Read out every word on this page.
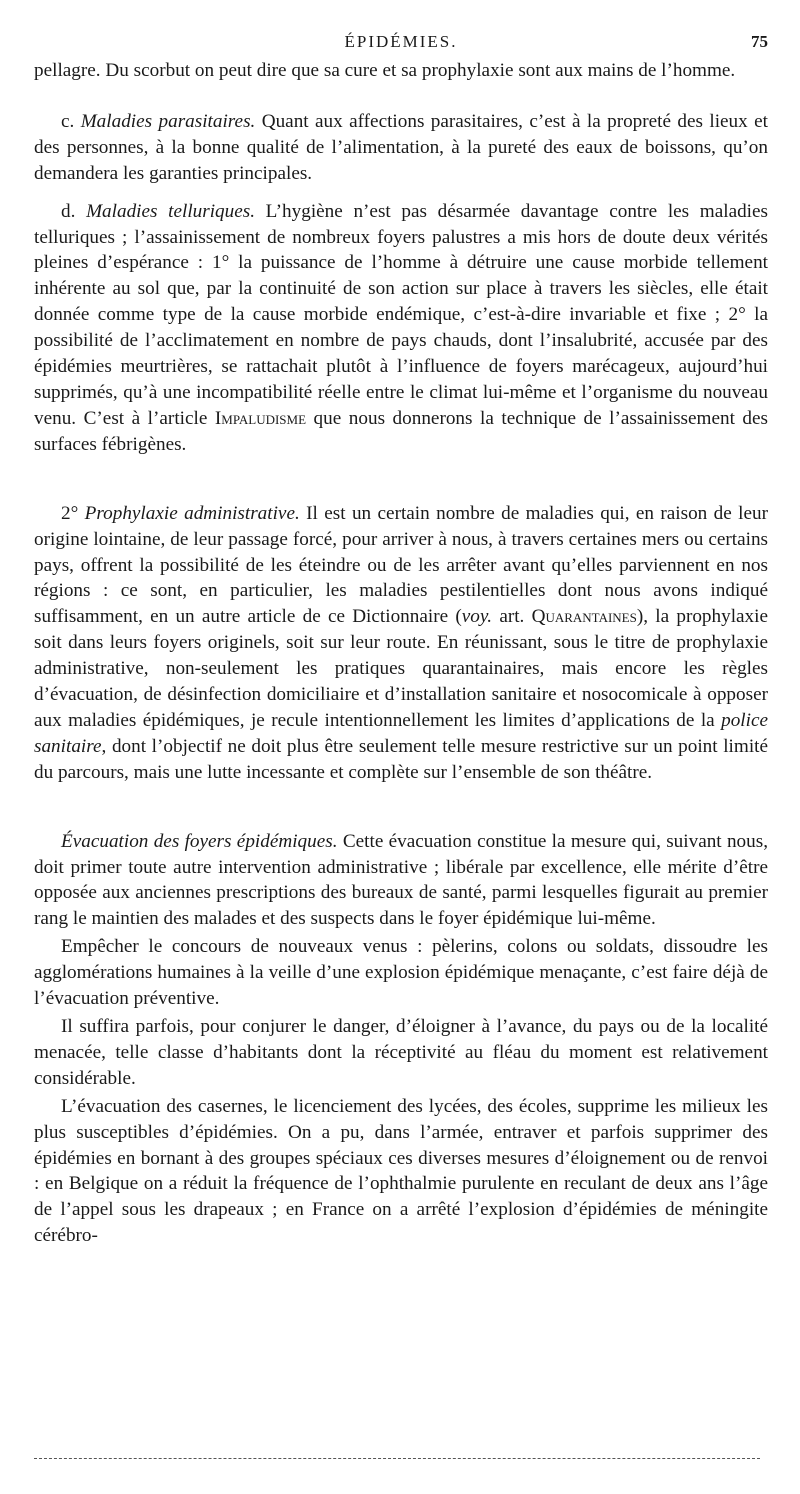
ÉPIDÉMIES.	75

pellagre. Du scorbut on peut dire que sa cure et sa prophylaxie sont aux mains de l’homme.

c. Maladies parasitaires. Quant aux affections parasitaires, c’est à la propreté des lieux et des personnes, à la bonne qualité de l’alimentation, à la pureté des eaux de boissons, qu’on demandera les garanties principales.

d. Maladies telluriques. L’hygiène n’est pas désarmée davantage contre les maladies telluriques ; l’assainissement de nombreux foyers palustres a mis hors de doute deux vérités pleines d’espérance : 1° la puissance de l’homme à détruire une cause morbide tellement inhérente au sol que, par la continuité de son action sur place à travers les siècles, elle était donnée comme type de la cause morbide endémique, c’est-à-dire invariable et fixe ; 2° la possibilité de l’acclimatement en nombre de pays chauds, dont l’insalubrité, accusée par des épidémies meurtrières, se rattachait plutôt à l’influence de foyers marécageux, aujourd’hui supprimés, qu’à une incompatibilité réelle entre le climat lui-même et l’organisme du nouveau venu. C’est à l’article Impaludisme que nous donnerons la technique de l’assainissement des surfaces fébrigènes.

2° Prophylaxie administrative. Il est un certain nombre de maladies qui, en raison de leur origine lointaine, de leur passage forcé, pour arriver à nous, à travers certaines mers ou certains pays, offrent la possibilité de les éteindre ou de les arrêter avant qu’elles parviennent en nos régions : ce sont, en particulier, les maladies pestilentielles dont nous avons indiqué suffisamment, en un autre article de ce Dictionnaire (voy. art. Quarantaines), la prophylaxie soit dans leurs foyers originels, soit sur leur route. En réunissant, sous le titre de prophylaxie administrative, non-seulement les pratiques quarantainaires, mais encore les règles d’évacuation, de désinfection domiciliaire et d’installation sanitaire et nosocomicale à opposer aux maladies épidémiques, je recule intentionnellement les limites d’applications de la police sanitaire, dont l’objectif ne doit plus être seulement telle mesure restrictive sur un point limité du parcours, mais une lutte incessante et complète sur l’ensemble de son théâtre.

Évacuation des foyers épidémiques. Cette évacuation constitue la mesure qui, suivant nous, doit primer toute autre intervention administrative ; libérale par excellence, elle mérite d’être opposée aux anciennes prescriptions des bureaux de santé, parmi lesquelles figurait au premier rang le maintien des malades et des suspects dans le foyer épidémique lui-même.

Empêcher le concours de nouveaux venus : pèlerins, colons ou soldats, dissoudre les agglomérations humaines à la veille d’une explosion épidémique menaçante, c’est faire déjà de l’évacuation préventive.

Il suffira parfois, pour conjurer le danger, d’éloigner à l’avance, du pays ou de la localité menacée, telle classe d’habitants dont la réceptivité au fléau du moment est relativement considérable.

L’évacuation des casernes, le licenciement des lycées, des écoles, supprime les milieux les plus susceptibles d’épidémies. On a pu, dans l’armée, entraver et parfois supprimer des épidémies en bornant à des groupes spéciaux ces diverses mesures d’éloignement ou de renvoi : en Belgique on a réduit la fréquence de l’ophthalmie purulente en reculant de deux ans l’âge de l’appel sous les drapeaux ; en France on a arrêté l’explosion d’épidémies de méningite cérébro-
